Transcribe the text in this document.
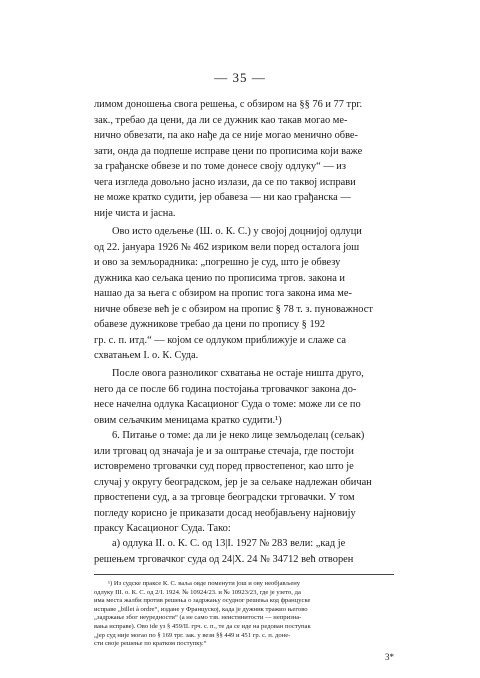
— 35 —
лимом доношења свога решења, с обзиром на §§ 76 и 77 трг.
зак., требао да цени, да ли се дужник као такав могао ме-
нично обвезати, па ако нађе да се није могао менично обве-
зати, онда да подпеше исправе цени по прописима који важе
за грађанске обвезе и по томе донесе своју одлуку“ — из
чега изгледа довољно јасно излази, да се по таквој исправи
не може кратко судити, јер обавеза — ни као грађанска —
није чиста и јасна.
Ово исто одељење (Ш. о. К. С.) у својој доцнијој одлуци
од 22. јануара 1926 № 462 изриком вели поред осталога још
и ово за земљорадника: „погрешно је суд, што је обвезу
дужника као сељака ценио по прописима тргов. закона и
нашао да за њега с обзиром на пропис тога закона има ме-
ничне обвезе већ је с обзиром на пропис § 78 т. з. пуноважност
обавезе дужникове требао да цени по пропису § 192
гр. с. п. итд.“ — којом се одлуком приближује и слаже са
схватањем I. о. К. Суда.
После овога разноликог схватања не остаје ништа друго,
него да се после 66 година постојања трговачког закона до-
несе начелна одлука Касационог Суда о томе: може ли се по
овим сељачким меницама кратко судити.¹)
6. Питање о томе: да ли је неко лице земљоделац (сељак)
или трговац од значаја је и за оштрање стечаја, где постоји
истовремено трговачки суд поред првостепеног, као што је
случај у округу београдском, јер је за сељаке надлежан обичан
првостепени суд, а за трговце београдски трговачки. У том
погледу корисно је приказати досад необјављену најновију
праксу Касационог Суда. Тако:
а) одлука II. о. К. С. од 13|I. 1927 № 283 вели: „кад је
решењем трговачког суда од 24|X. 24 № 34712 већ отворен
¹) Из судске праксе К. С. ваља овде поменути још и ову необјављену
одлуку III. о. К. С. од 2/I. 1924. № 10924/23. и № 10923/23, где је узето, да
има места жалби против решења о задржању осудног решења код француске
исправе „billet à ordre“, издане у Француској, када је дужник тражио његово
„задржање због неуредности“ (а не само тзв. неистинитости — непризна-
вања исправе). Ово ide уз § 459/II. грч. с. п., те да се иде на редован поступак
„јер суд није могао по § 169 трг. зак. у вези §§ 449 и 451 гр. с. п. доне-
сти своје решење по кратком поступку.“
3*
